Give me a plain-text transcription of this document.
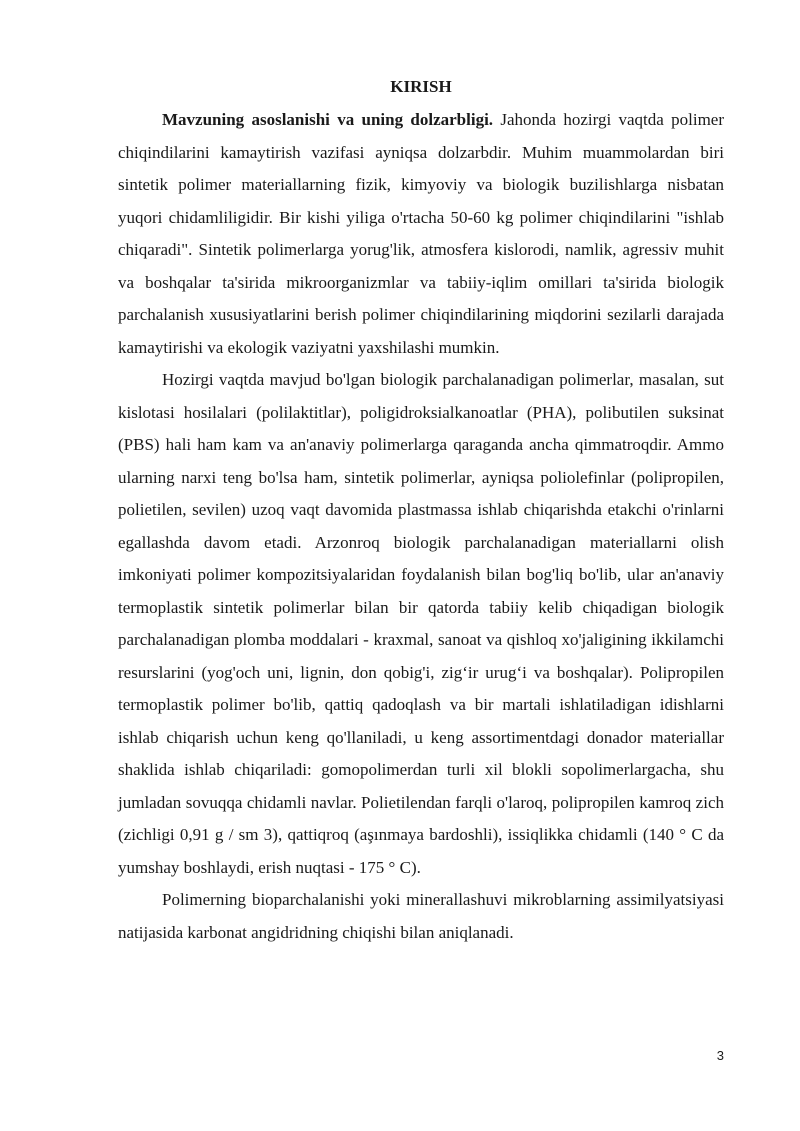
KIRISH

Mavzuning asoslanishi va uning dolzarbligi. Jahonda hozirgi vaqtda polimer chiqindilarini kamaytirish vazifasi ayniqsa dolzarbdir. Muhim muammolardan biri sintetik polimer materiallarning fizik, kimyoviy va biologik buzilishlarga nisbatan yuqori chidamliligidir. Bir kishi yiliga o'rtacha 50-60 kg polimer chiqindilarini "ishlab chiqaradi". Sintetik polimerlarga yorug'lik, atmosfera kislorodi, namlik, agressiv muhit va boshqalar ta'sirida mikroorganizmlar va tabiiy-iqlim omillari ta'sirida biologik parchalanish xususiyatlarini berish polimer chiqindilarining miqdorini sezilarli darajada kamaytirishi va ekologik vaziyatni yaxshilashi mumkin.

Hozirgi vaqtda mavjud bo'lgan biologik parchalanadigan polimerlar, masalan, sut kislotasi hosilalari (polilaktitlar), poligidroksialkanoatlar (PHA), polibutilen suksinat (PBS) hali ham kam va an'anaviy polimerlarga qaraganda ancha qimmatroqdir. Ammo ularning narxi teng bo'lsa ham, sintetik polimerlar, ayniqsa poliolefinlar (polipropilen, polietilen, sevilen) uzoq vaqt davomida plastmassa ishlab chiqarishda etakchi o'rinlarni egallashda davom etadi. Arzonroq biologik parchalanadigan materiallarni olish imkoniyati polimer kompozitsiyalaridan foydalanish bilan bog'liq bo'lib, ular an'anaviy termoplastik sintetik polimerlar bilan bir qatorda tabiiy kelib chiqadigan biologik parchalanadigan plomba moddalari - kraxmal, sanoat va qishloq xo'jaligining ikkilamchi resurslarini (yog'och uni, lignin, don qobig'i, zig‘ir urug‘i va boshqalar). Polipropilen termoplastik polimer bo'lib, qattiq qadoqlash va bir martali ishlatiladigan idishlarni ishlab chiqarish uchun keng qo'llaniladi, u keng assortimentdagi donador materiallar shaklida ishlab chiqariladi: gomopolimerdan turli xil blokli sopolimerlargacha, shu jumladan sovuqqa chidamli navlar. Polietilendan farqli o'laroq, polipropilen kamroq zich (zichligi 0,91 g / sm 3), qattiqroq (aşınmaya bardoshli), issiqlikka chidamli (140 ° C da yumshay boshlaydi, erish nuqtasi - 175 ° C).

Polimerning bioparchalanishi yoki minerallashuvi mikroblarning assimilyatsiyasi natijasida karbonat angidridning chiqishi bilan aniqlanadi.

3
